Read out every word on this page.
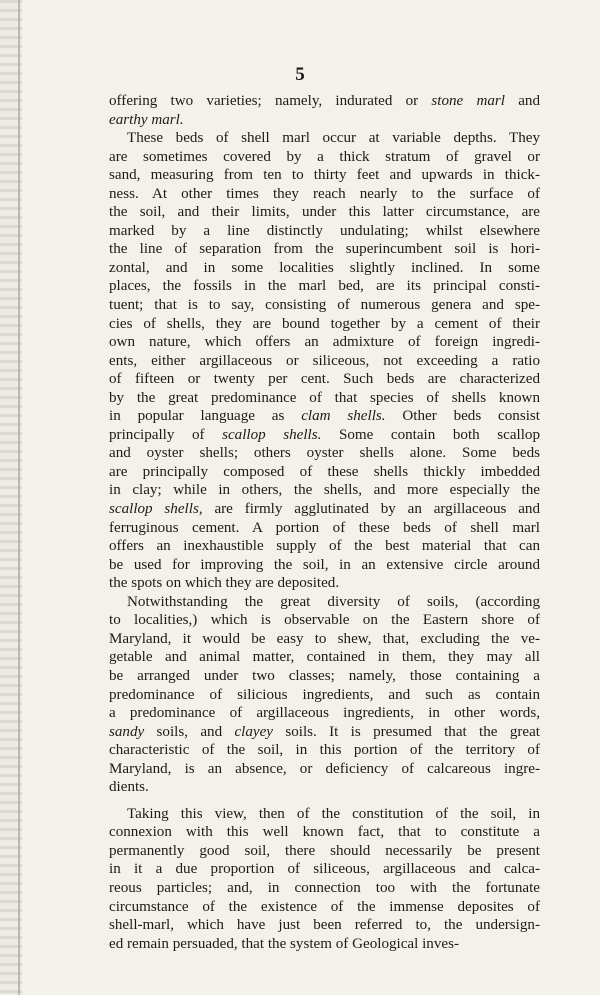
5

offering two varieties; namely, indurated or stone marl and
earthy marl.

These beds of shell marl occur at variable depths. They
are sometimes covered by a thick stratum of gravel or
sand, measuring from ten to thirty feet and upwards in thick-
ness. At other times they reach nearly to the surface of
the soil, and their limits, under this latter circumstance, are
marked by a line distinctly undulating; whilst elsewhere
the line of separation from the superincumbent soil is hori-
zontal, and in some localities slightly inclined. In some
places, the fossils in the marl bed, are its principal consti-
tuent; that is to say, consisting of numerous genera and spe-
cies of shells, they are bound together by a cement of their
own nature, which offers an admixture of foreign ingredi-
ents, either argillaceous or siliceous, not exceeding a ratio
of fifteen or twenty per cent. Such beds are characterized
by the great predominance of that species of shells known
in popular language as clam shells. Other beds consist
principally of scallop shells. Some contain both scallop
and oyster shells; others oyster shells alone. Some beds
are principally composed of these shells thickly imbedded
in clay; while in others, the shells, and more especially the
scallop shells, are firmly agglutinated by an argillaceous and
ferruginous cement. A portion of these beds of shell marl
offers an inexhaustible supply of the best material that can
be used for improving the soil, in an extensive circle around
the spots on which they are deposited.

Notwithstanding the great diversity of soils, (according
to localities,) which is observable on the Eastern shore of
Maryland, it would be easy to shew, that, excluding the ve-
getable and animal matter, contained in them, they may all
be arranged under two classes; namely, those containing a
predominance of silicious ingredients, and such as contain
a predominance of argillaceous ingredients, in other words,
sandy soils, and clayey soils. It is presumed that the great
characteristic of the soil, in this portion of the territory of
Maryland, is an absence, or deficiency of calcareous ingre-
dients.

Taking this view, then of the constitution of the soil, in
connexion with this well known fact, that to constitute a
permanently good soil, there should necessarily be present
in it a due proportion of siliceous, argillaceous and calca-
reous particles; and, in connection too with the fortunate
circumstance of the existence of the immense deposites of
shell-marl, which have just been referred to, the undersign-
ed remain persuaded, that the system of Geological inves-
